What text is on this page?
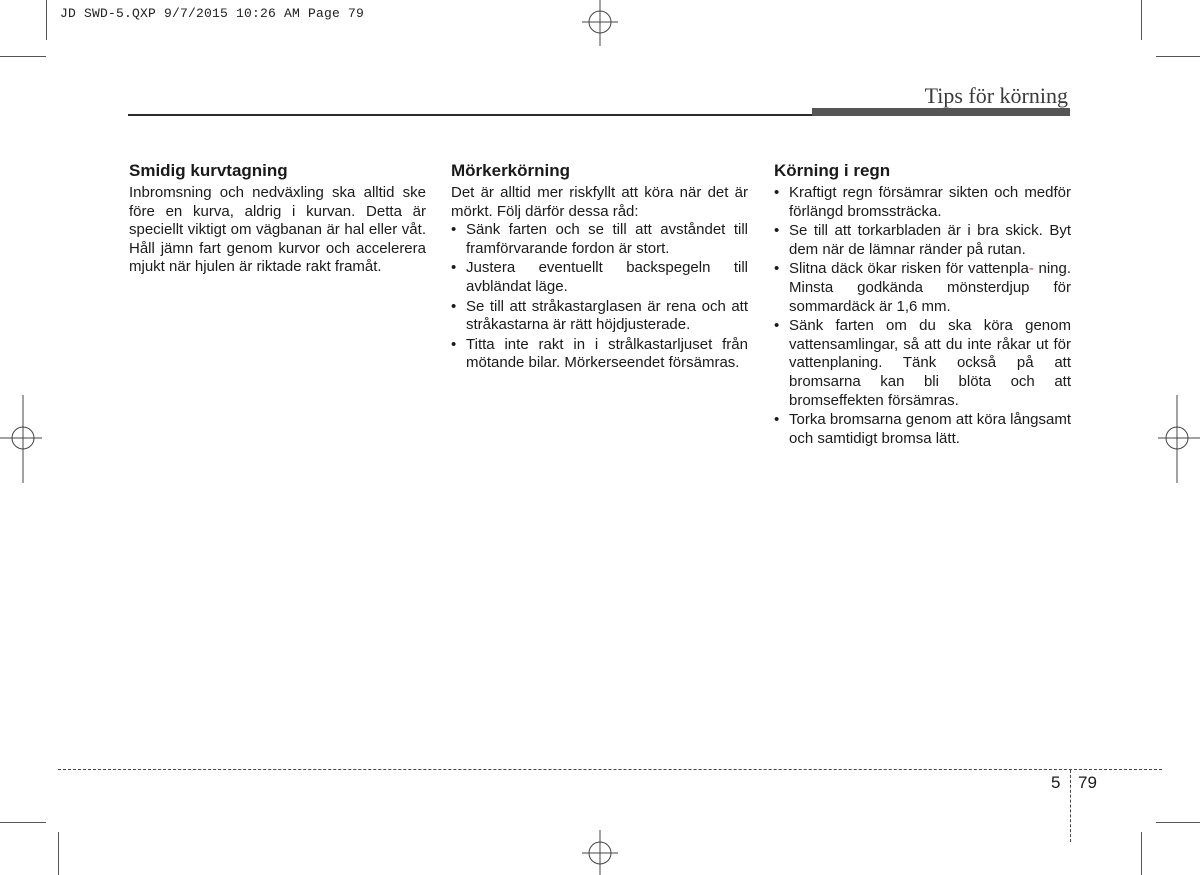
JD SWD-5.QXP 9/7/2015 10:26 AM Page 79
Tips för körning
Smidig kurvtagning

Inbromsning och nedväxling ska alltid ske före en kurva, aldrig i kurvan. Detta är speciellt viktigt om vägbanan är hal eller våt. Håll jämn fart genom kurvor och accelerera mjukt när hjulen är riktade rakt framåt.

Mörkerkörning

Det är alltid mer riskfyllt att köra när det är mörkt. Följ därför dessa råd:

• Sänk farten och se till att avståndet till framförvarande fordon är stort.
• Justera eventuellt backspegeln till avbländat läge.
• Se till att stråkastarglasen är rena och att stråkastarna är rätt höjdjusterade.
• Titta inte rakt in i strålkastarljuset från mötande bilar. Mörkerseendet försämras.
Körning i regn
• Kraftigt regn försämrar sikten och medför förlängd bromssträcka.
• Se till att torkarbladen är i bra skick. Byt dem när de lämnar ränder på rutan.
• Slitna däck ökar risken för vattenpla- ning. Minsta godkända mönsterdjup för sommardäck är 1,6 mm.
• Sänk farten om du ska köra genom vattensamlingar, så att du inte råkar ut för vattenplaning. Tänk också på att bromsarna kan bli blöta och att bromseffekten försämras.
• Torka bromsarna genom att köra långsamt och samtidigt bromsa lätt.
5 79
